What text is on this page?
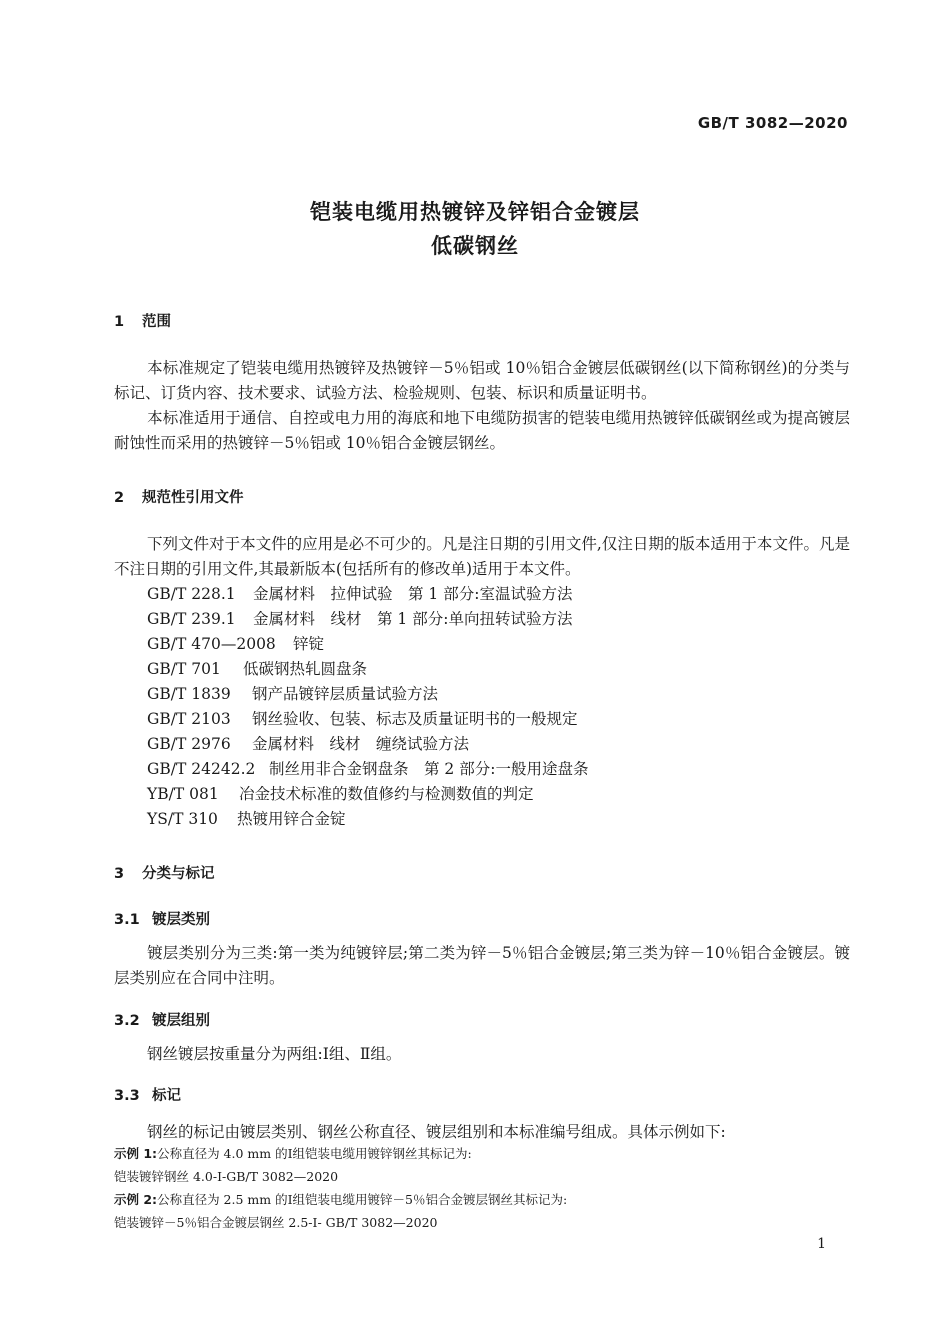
GB/T 3082—2020
铠装电缆用热镀锌及锌铝合金镀层
低碳钢丝
1 范围
本标准规定了铠装电缆用热镀锌及热镀锌－5％铝或 10％铝合金镀层低碳钢丝(以下简称钢丝)的分类与标记、订货内容、技术要求、试验方法、检验规则、包装、标识和质量证明书。
本标准适用于通信、自控或电力用的海底和地下电缆防损害的铠装电缆用热镀锌低碳钢丝或为提高镀层耐蚀性而采用的热镀锌－5％铝或 10％铝合金镀层钢丝。
2 规范性引用文件
下列文件对于本文件的应用是必不可少的。凡是注日期的引用文件,仅注日期的版本适用于本文件。凡是不注日期的引用文件,其最新版本(包括所有的修改单)适用于本文件。
GB/T 228.1 金属材料　拉伸试验　第 1 部分:室温试验方法
GB/T 239.1 金属材料　线材　第 1 部分:单向扭转试验方法
GB/T 470—2008 锌锭
GB/T 701 低碳钢热轧圆盘条
GB/T 1839 钢产品镀锌层质量试验方法
GB/T 2103 钢丝验收、包装、标志及质量证明书的一般规定
GB/T 2976 金属材料　线材　缠绕试验方法
GB/T 24242.2 制丝用非合金钢盘条　第 2 部分:一般用途盘条
YB/T 081 冶金技术标准的数值修约与检测数值的判定
YS/T 310 热镀用锌合金锭
3 分类与标记
3.1 镀层类别
镀层类别分为三类:第一类为纯镀锌层;第二类为锌－5％铝合金镀层;第三类为锌－10％铝合金镀层。镀层类别应在合同中注明。
3.2 镀层组别
钢丝镀层按重量分为两组:Ⅰ组、Ⅱ组。
3.3 标记
钢丝的标记由镀层类别、钢丝公称直径、镀层组别和本标准编号组成。具体示例如下:
示例 1:公称直径为 4.0 mm 的Ⅰ组铠装电缆用镀锌钢丝其标记为:
铠装镀锌钢丝 4.0-Ⅰ-GB/T 3082—2020
示例 2:公称直径为 2.5 mm 的Ⅰ组铠装电缆用镀锌－5％铝合金镀层钢丝其标记为:
铠装镀锌－5％铝合金镀层钢丝 2.5-Ⅰ- GB/T 3082—2020
1
